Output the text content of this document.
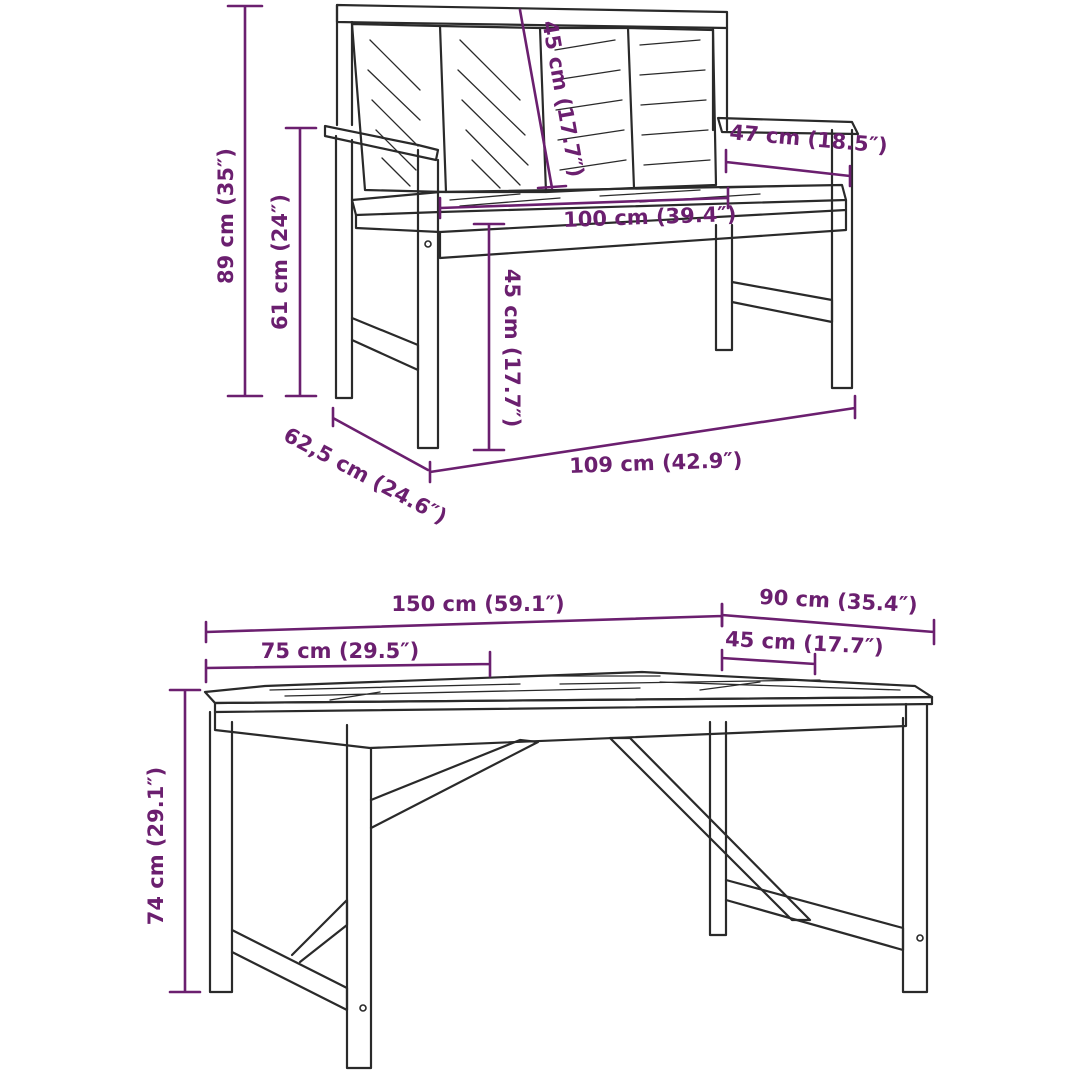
89 cm (35″) 61 cm (24″)
45 cm (17.7″)
45 cm (17.7″)	47 cm (18.5″)
100 cm (39.4″)
109 cm (42.9″)
62,5 cm (24.6″)
150 cm (59.1″)
75 cm (29.5″)
90 cm (35.4″)
45 cm (17.7″)
74 cm (29.1″)
